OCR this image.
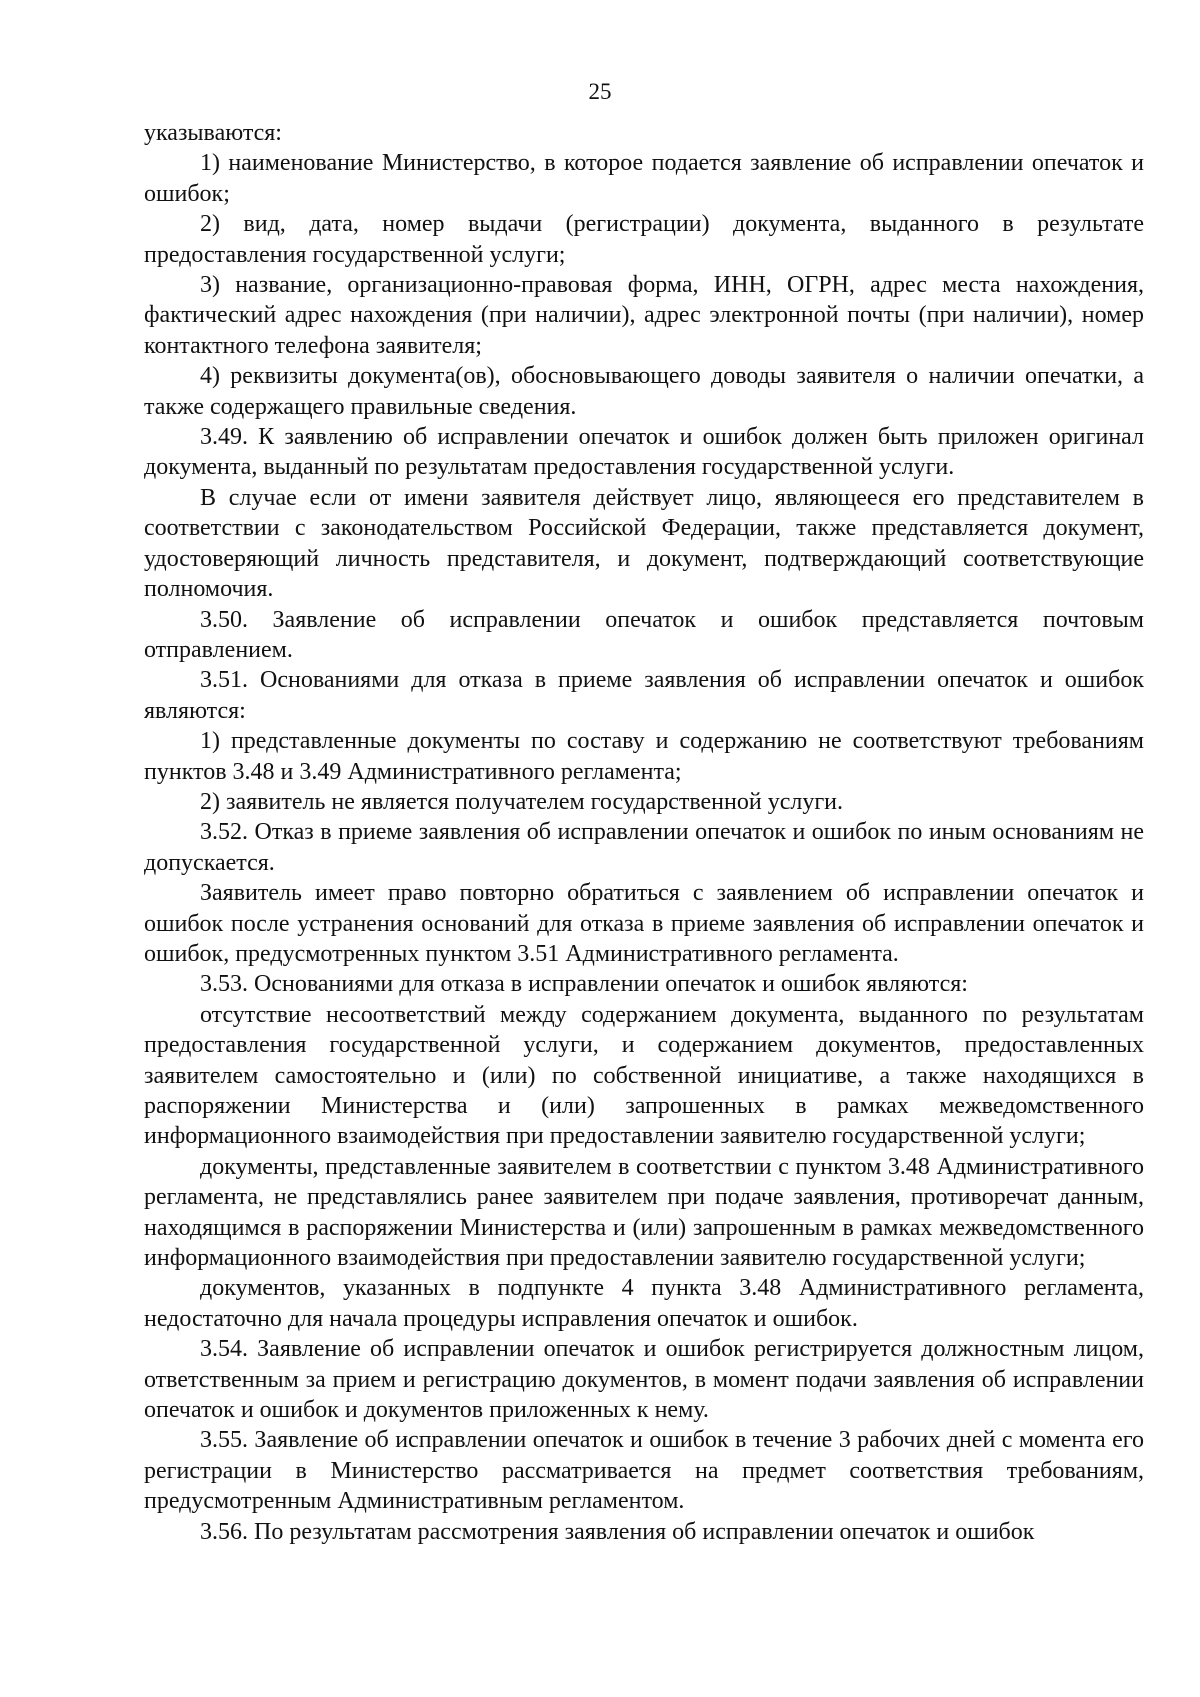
25

указываются:

1) наименование Министерство, в которое подается заявление об исправлении опечаток и ошибок;

2) вид, дата, номер выдачи (регистрации) документа, выданного в результате предоставления государственной услуги;

3) название, организационно-правовая форма, ИНН, ОГРН, адрес места нахождения, фактический адрес нахождения (при наличии), адрес электронной почты (при наличии), номер контактного телефона заявителя;

4) реквизиты документа(ов), обосновывающего доводы заявителя о наличии опечатки, а также содержащего правильные сведения.

3.49. К заявлению об исправлении опечаток и ошибок должен быть приложен оригинал документа, выданный по результатам предоставления государственной услуги.

В случае если от имени заявителя действует лицо, являющееся его представителем в соответствии с законодательством Российской Федерации, также представляется документ, удостоверяющий личность представителя, и документ, подтверждающий соответствующие полномочия.

3.50. Заявление об исправлении опечаток и ошибок представляется почтовым отправлением.

3.51. Основаниями для отказа в приеме заявления об исправлении опечаток и ошибок являются:

1) представленные документы по составу и содержанию не соответствуют требованиям пунктов 3.48 и 3.49 Административного регламента;

2) заявитель не является получателем государственной услуги.

3.52. Отказ в приеме заявления об исправлении опечаток и ошибок по иным основаниям не допускается.

Заявитель имеет право повторно обратиться с заявлением об исправлении опечаток и ошибок после устранения оснований для отказа в приеме заявления об исправлении опечаток и ошибок, предусмотренных пунктом 3.51 Административного регламента.

3.53. Основаниями для отказа в исправлении опечаток и ошибок являются:

отсутствие несоответствий между содержанием документа, выданного по результатам предоставления государственной услуги, и содержанием документов, предоставленных заявителем самостоятельно и (или) по собственной инициативе, а также находящихся в распоряжении Министерства и (или) запрошенных в рамках межведомственного информационного взаимодействия при предоставлении заявителю государственной услуги;

документы, представленные заявителем в соответствии с пунктом 3.48 Административного регламента, не представлялись ранее заявителем при подаче заявления, противоречат данным, находящимся в распоряжении Министерства и (или) запрошенным в рамках межведомственного информационного взаимодействия при предоставлении заявителю государственной услуги;

документов, указанных в подпункте 4 пункта 3.48 Административного регламента, недостаточно для начала процедуры исправления опечаток и ошибок.

3.54. Заявление об исправлении опечаток и ошибок регистрируется должностным лицом, ответственным за прием и регистрацию документов, в момент подачи заявления об исправлении опечаток и ошибок и документов приложенных к нему.

3.55. Заявление об исправлении опечаток и ошибок в течение 3 рабочих дней с момента его регистрации в Министерство рассматривается на предмет соответствия требованиям, предусмотренным Административным регламентом.

3.56. По результатам рассмотрения заявления об исправлении опечаток и ошибок
